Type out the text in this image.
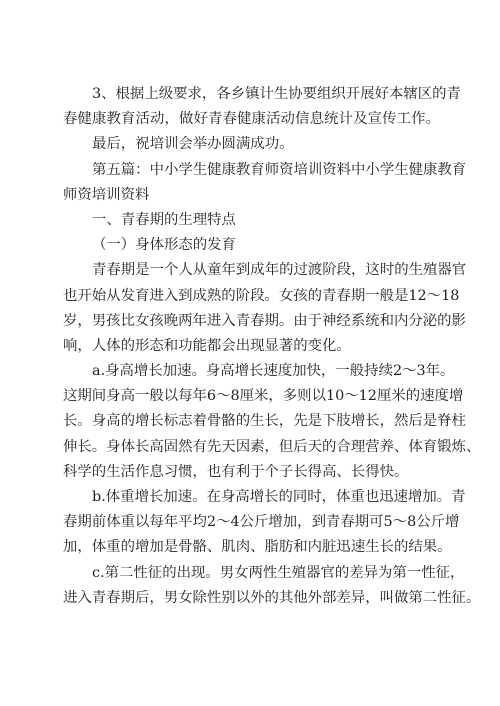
3、根据上级要求，各乡镇计生协要组织开展好本辖区的青
春健康教育活动，做好青春健康活动信息统计及宣传工作。
最后，祝培训会举办圆满成功。
第五篇：中小学生健康教育师资培训资料中小学生健康教育
师资培训资料
一、青春期的生理特点
（一）身体形态的发育
青春期是一个人从童年到成年的过渡阶段，这时的生殖器官
也开始从发育进入到成熟的阶段。女孩的青春期一般是12～18
岁，男孩比女孩晚两年进入青春期。由于神经系统和内分泌的影
响，人体的形态和功能都会出现显著的变化。
a.身高增长加速。身高增长速度加快，一般持续2～3年。
这期间身高一般以每年6～8厘米，多则以10～12厘米的速度增
长。身高的增长标志着骨骼的生长，先是下肢增长，然后是脊柱
伸长。身体长高固然有先天因素，但后天的合理营养、体育锻炼、
科学的生活作息习惯，也有利于个子长得高、长得快。
b.体重增长加速。在身高增长的同时，体重也迅速增加。青
春期前体重以每年平均2～4公斤增加，到青春期可5～8公斤增
加，体重的增加是骨骼、肌肉、脂肪和内脏迅速生长的结果。
c.第二性征的出现。男女两性生殖器官的差异为第一性征，
进入青春期后，男女除性别以外的其他外部差异，叫做第二性征。
